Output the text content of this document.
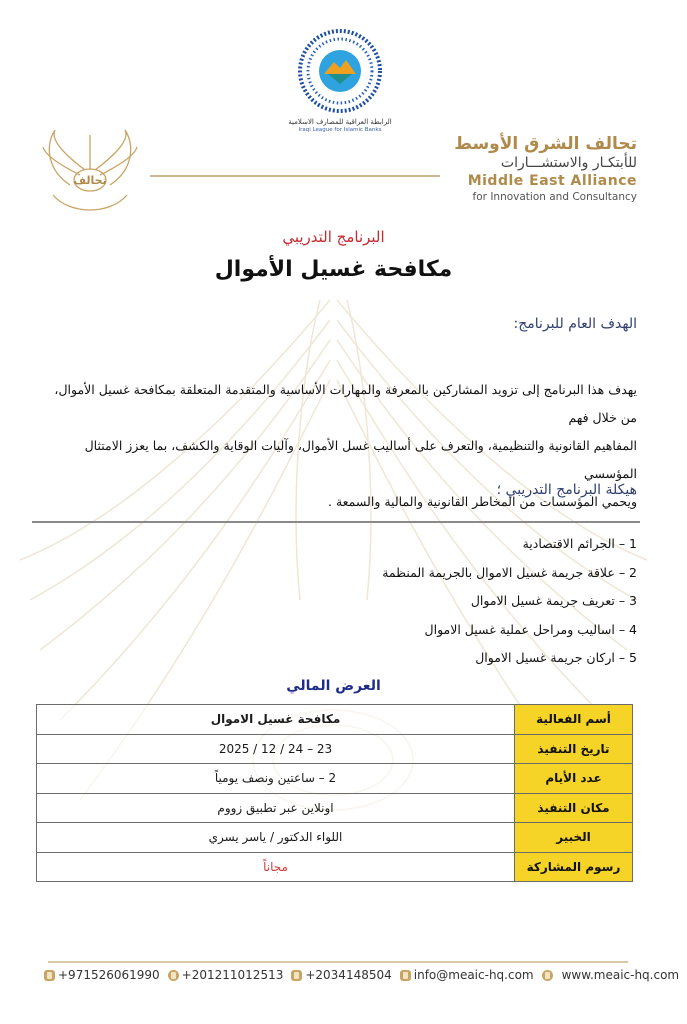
الرابطة العراقية للمصارف الاسلامية
Iraqi League for Islamic Banks
تحالف
تحالف الشرق الأوسط
للأبتكـار والاستشـــارات
Middle East Alliance
for Innovation and Consultancy
البرنامج التدريبي
مكافحة غسيل الأموال
الهدف العام للبرنامج:
يهدف هذا البرنامج إلى تزويد المشاركين بالمعرفة والمهارات الأساسية والمتقدمة المتعلقة بمكافحة غسيل الأموال، من خلال فهم
المفاهيم القانونية والتنظيمية، والتعرف على أساليب غسل الأموال، وآليات الوقاية والكشف، بما يعزز الامتثال المؤسسي
ويحمي المؤسسات من المخاطر القانونية والمالية والسمعة .
هيكلة البرنامج التدريبي ؛
1 – الجرائم الاقتصادية
2 – علاقة جريمة غسيل الاموال بالجريمة المنظمة
3 – تعريف جريمة غسيل الاموال
4 – اساليب ومراحل عملية غسيل الاموال
5 – اركان جريمة غسيل الاموال
العرض المالي
أسم الفعالية	مكافحة غسيل الاموال
تاريخ التنفيذ	23 – 24 / 12 / 2025
عدد الأيام	2 – ساعتين ونصف يومياً
مكان التنفيذ	اونلاين عبر تطبيق زووم
الخبير	اللواء الدكتور / ياسر يسري
رسوم المشاركة	مجاناً
+971526061990 +201211012513 +2034148504 info@meaic-hq.com www.meaic-hq.com
